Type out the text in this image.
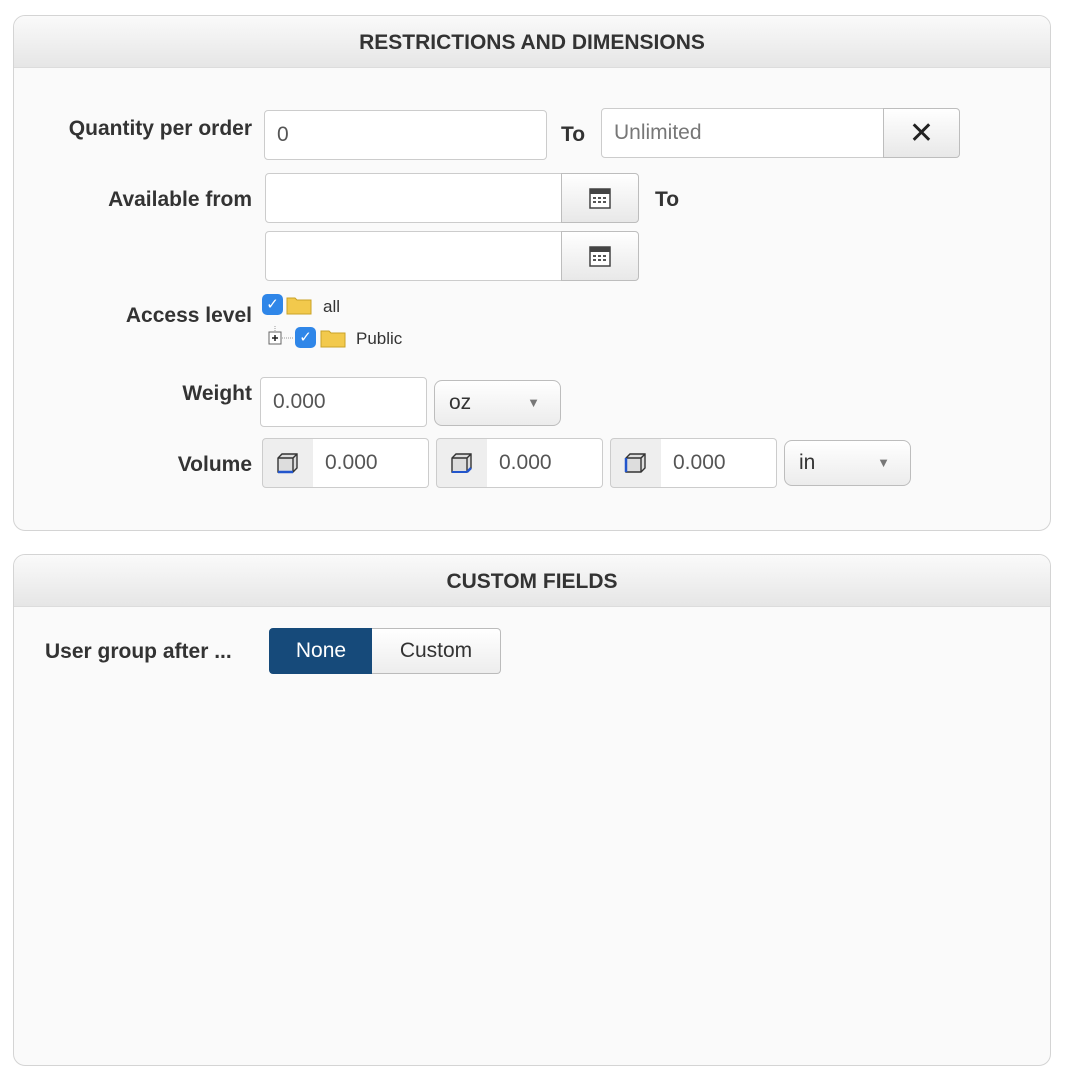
RESTRICTIONS AND DIMENSIONS
Quantity per order	0	To	Unlimited	✕
Available from	To
Access level ✓	all
✓	Public
Weight	0.000	oz	▼
Volume	0.000	0.000	0.000	in	▼
CUSTOM FIELDS
User group after ...	None	Custom
